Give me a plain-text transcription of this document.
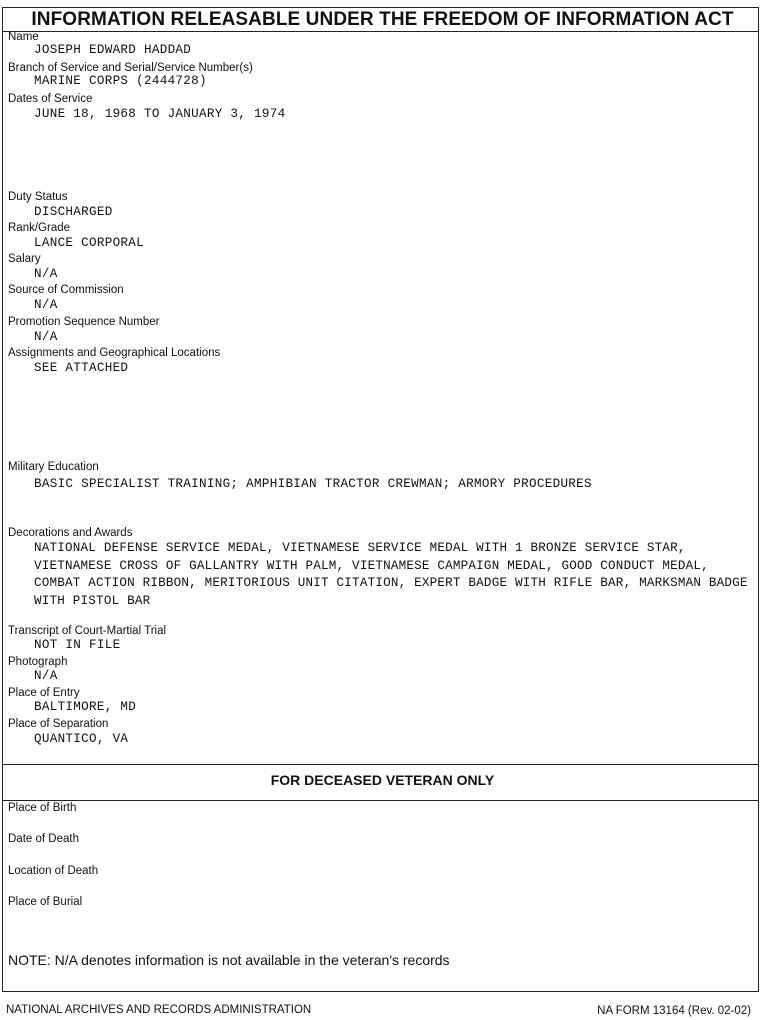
INFORMATION RELEASABLE UNDER THE FREEDOM OF INFORMATION ACT
Name
JOSEPH EDWARD HADDAD
Branch of Service and Serial/Service Number(s)
MARINE CORPS (2444728)
Dates of Service
JUNE 18, 1968 TO JANUARY 3, 1974
Duty Status
DISCHARGED
Rank/Grade
LANCE CORPORAL
Salary
N/A
Source of Commission
N/A
Promotion Sequence Number
N/A
Assignments and Geographical Locations
SEE ATTACHED
Military Education
BASIC SPECIALIST TRAINING; AMPHIBIAN TRACTOR CREWMAN; ARMORY PROCEDURES
Decorations and Awards
NATIONAL DEFENSE SERVICE MEDAL, VIETNAMESE SERVICE MEDAL WITH 1 BRONZE SERVICE STAR, VIETNAMESE CROSS OF GALLANTRY WITH PALM, VIETNAMESE CAMPAIGN MEDAL, GOOD CONDUCT MEDAL, COMBAT ACTION RIBBON, MERITORIOUS UNIT CITATION, EXPERT BADGE WITH RIFLE BAR, MARKSMAN BADGE WITH PISTOL BAR
Transcript of Court-Martial Trial
NOT IN FILE
Photograph
N/A
Place of Entry
BALTIMORE, MD
Place of Separation
QUANTICO, VA
FOR DECEASED VETERAN ONLY
Place of Birth
Date of Death
Location of Death
Place of Burial
NOTE: N/A denotes information is not available in the veteran's records
NATIONAL ARCHIVES AND RECORDS ADMINISTRATION	NA FORM 13164 (Rev. 02-02)
